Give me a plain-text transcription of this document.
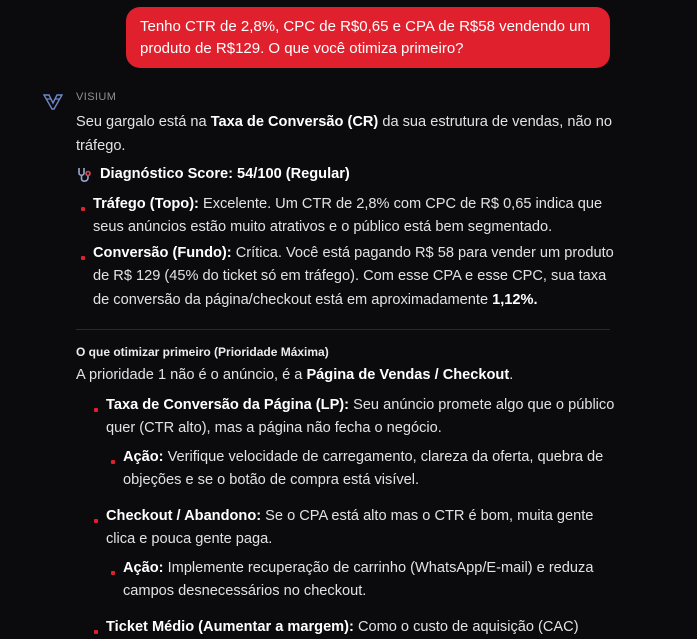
Tenho CTR de 2,8%, CPC de R$0,65 e CPA de R$58 vendendo um produto de R$129. O que você otimiza primeiro?
VISIUM

Seu gargalo está na Taxa de Conversão (CR) da sua estrutura de vendas, não no tráfego.

Diagnóstico Score: 54/100 (Regular)

Tráfego (Topo): Excelente. Um CTR de 2,8% com CPC de R$ 0,65 indica que seus anúncios estão muito atrativos e o público está bem segmentado.
Conversão (Fundo): Crítica. Você está pagando R$ 58 para vender um produto de R$ 129 (45% do ticket só em tráfego). Com esse CPA e esse CPC, sua taxa de conversão da página/checkout está em aproximadamente 1,12%.

O que otimizar primeiro (Prioridade Máxima)

A prioridade 1 não é o anúncio, é a Página de Vendas / Checkout.

Taxa de Conversão da Página (LP): Seu anúncio promete algo que o público quer (CTR alto), mas a página não fecha o negócio.
Ação: Verifique velocidade de carregamento, clareza da oferta, quebra de objeções e se o botão de compra está visível.
Checkout / Abandono: Se o CPA está alto mas o CTR é bom, muita gente clica e pouca gente paga.
Ação: Implemente recuperação de carrinho (WhatsApp/E-mail) e reduza campos desnecessários no checkout.
Ticket Médio (Aumentar a margem): Como o custo de aquisição (CAC)
